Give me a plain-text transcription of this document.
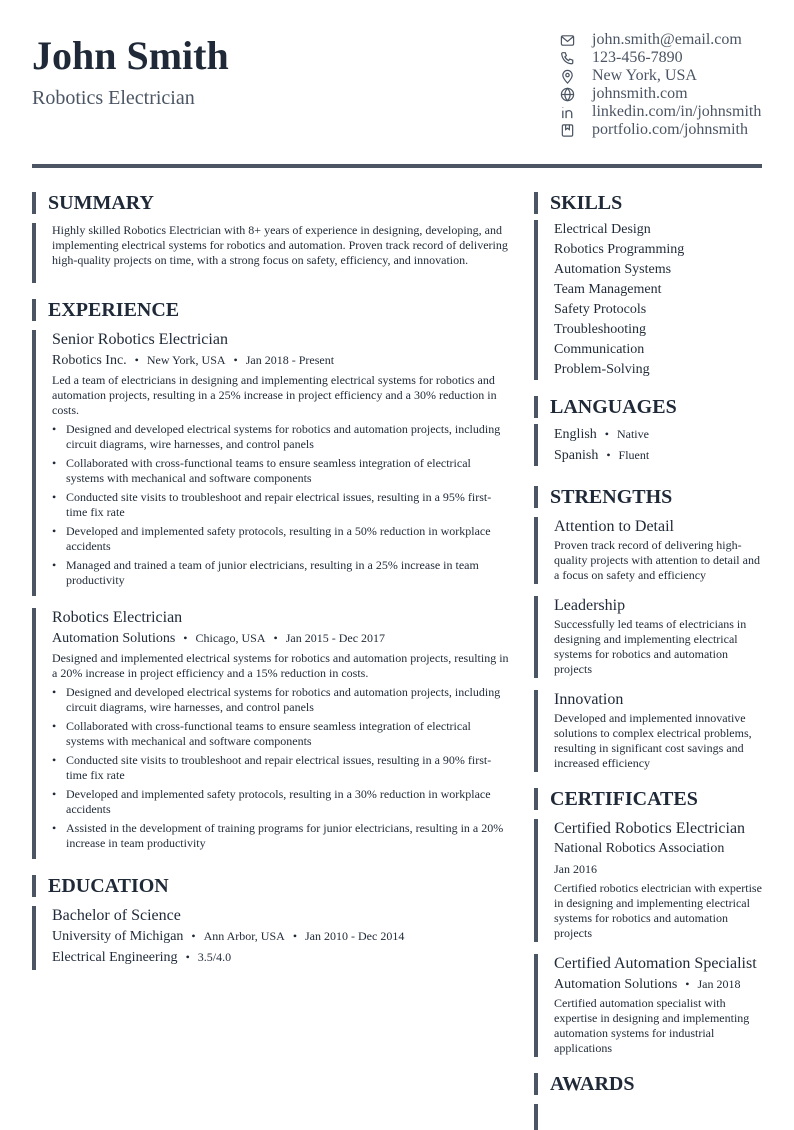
John Smith
Robotics Electrician
john.smith@email.com
123-456-7890
New York, USA
johnsmith.com
linkedin.com/in/johnsmith
portfolio.com/johnsmith
SUMMARY
Highly skilled Robotics Electrician with 8+ years of experience in designing, developing, and implementing electrical systems for robotics and automation. Proven track record of delivering high-quality projects on time, with a strong focus on safety, efficiency, and innovation.
EXPERIENCE
Senior Robotics Electrician
Robotics Inc. • New York, USA • Jan 2018 - Present
Led a team of electricians in designing and implementing electrical systems for robotics and automation projects, resulting in a 25% increase in project efficiency and a 30% reduction in costs.
• Designed and developed electrical systems for robotics and automation projects, including circuit diagrams, wire harnesses, and control panels
• Collaborated with cross-functional teams to ensure seamless integration of electrical systems with mechanical and software components
• Conducted site visits to troubleshoot and repair electrical issues, resulting in a 95% first-time fix rate
• Developed and implemented safety protocols, resulting in a 50% reduction in workplace accidents
• Managed and trained a team of junior electricians, resulting in a 25% increase in team productivity
Robotics Electrician
Automation Solutions • Chicago, USA • Jan 2015 - Dec 2017
Designed and implemented electrical systems for robotics and automation projects, resulting in a 20% increase in project efficiency and a 15% reduction in costs.
• Designed and developed electrical systems for robotics and automation projects, including circuit diagrams, wire harnesses, and control panels
• Collaborated with cross-functional teams to ensure seamless integration of electrical systems with mechanical and software components
• Conducted site visits to troubleshoot and repair electrical issues, resulting in a 90% first-time fix rate
• Developed and implemented safety protocols, resulting in a 30% reduction in workplace accidents
• Assisted in the development of training programs for junior electricians, resulting in a 20% increase in team productivity
EDUCATION
Bachelor of Science
University of Michigan • Ann Arbor, USA • Jan 2010 - Dec 2014
Electrical Engineering • 3.5/4.0
SKILLS
Electrical Design
Robotics Programming
Automation Systems
Team Management
Safety Protocols
Troubleshooting
Communication
Problem-Solving
LANGUAGES
English • Native
Spanish • Fluent
STRENGTHS
Attention to Detail
Proven track record of delivering high-quality projects with attention to detail and a focus on safety and efficiency
Leadership
Successfully led teams of electricians in designing and implementing electrical systems for robotics and automation projects
Innovation
Developed and implemented innovative solutions to complex electrical problems, resulting in significant cost savings and increased efficiency
CERTIFICATES
Certified Robotics Electrician
National Robotics Association
Jan 2016
Certified robotics electrician with expertise in designing and implementing electrical systems for robotics and automation projects
Certified Automation Specialist
Automation Solutions • Jan 2018
Certified automation specialist with expertise in designing and implementing automation systems for industrial applications
AWARDS
